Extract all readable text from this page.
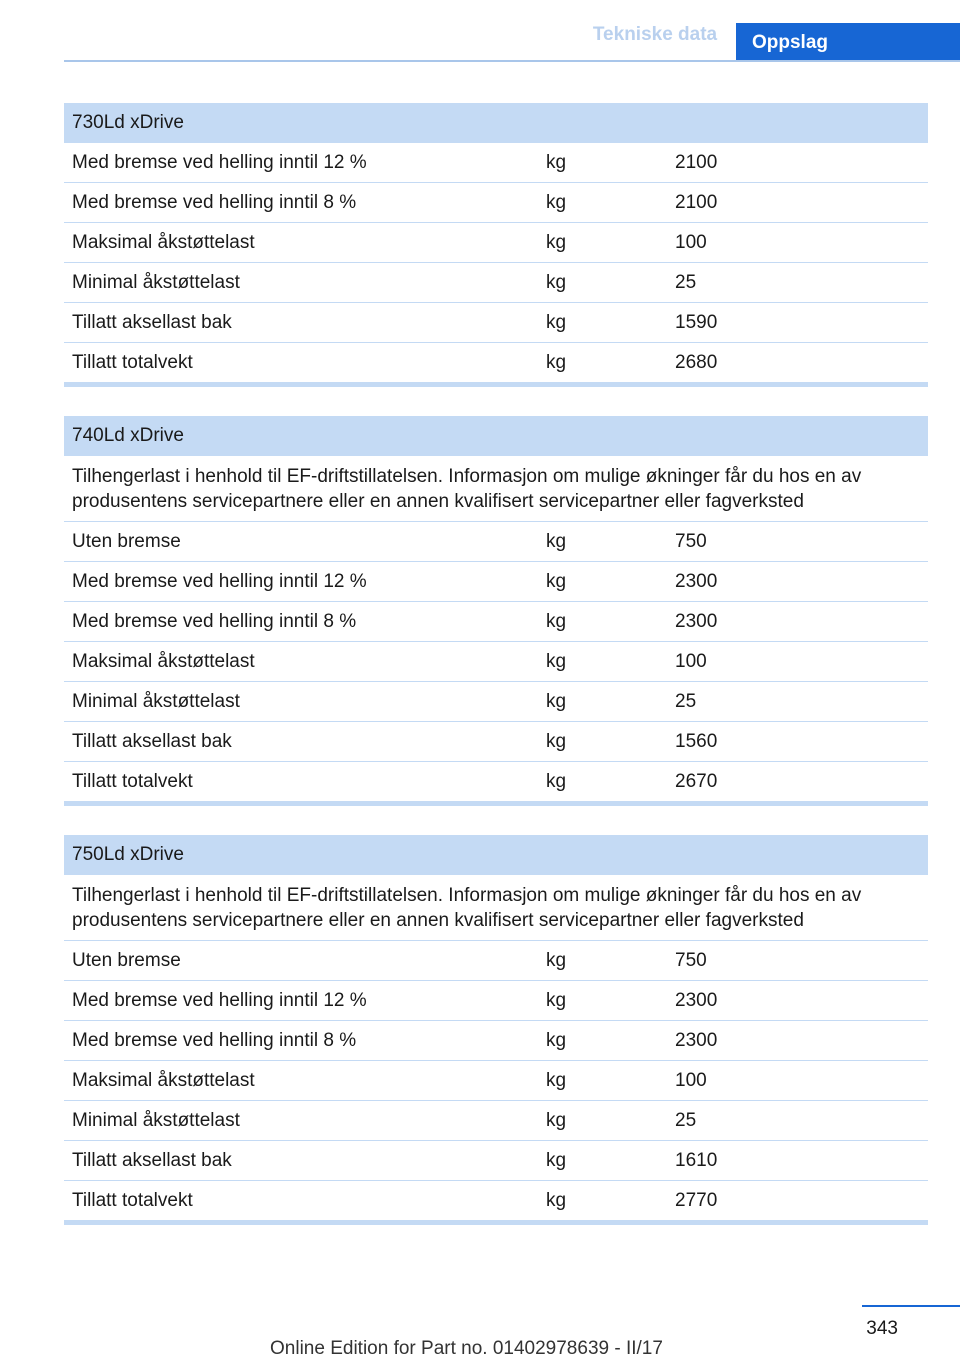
Tekniske data	Oppslag
730Ld xDrive
Med bremse ved helling inntil 12 %	kg	2100
Med bremse ved helling inntil 8 %	kg	2100
Maksimal åkstøttelast	kg	100
Minimal åkstøttelast	kg	25
Tillatt aksellast bak	kg	1590
Tillatt totalvekt	kg	2680
740Ld xDrive
Tilhengerlast i henhold til EF-driftstillatelsen. Informasjon om mulige økninger får du hos en av produsentens servicepartnere eller en annen kvalifisert servicepartner eller fagverksted
Uten bremse	kg	750
Med bremse ved helling inntil 12 %	kg	2300
Med bremse ved helling inntil 8 %	kg	2300
Maksimal åkstøttelast	kg	100
Minimal åkstøttelast	kg	25
Tillatt aksellast bak	kg	1560
Tillatt totalvekt	kg	2670
750Ld xDrive
Tilhengerlast i henhold til EF-driftstillatelsen. Informasjon om mulige økninger får du hos en av produsentens servicepartnere eller en annen kvalifisert servicepartner eller fagverksted
Uten bremse	kg	750
Med bremse ved helling inntil 12 %	kg	2300
Med bremse ved helling inntil 8 %	kg	2300
Maksimal åkstøttelast	kg	100
Minimal åkstøttelast	kg	25
Tillatt aksellast bak	kg	1610
Tillatt totalvekt	kg	2770
343
Online Edition for Part no. 01402978639 - II/17
